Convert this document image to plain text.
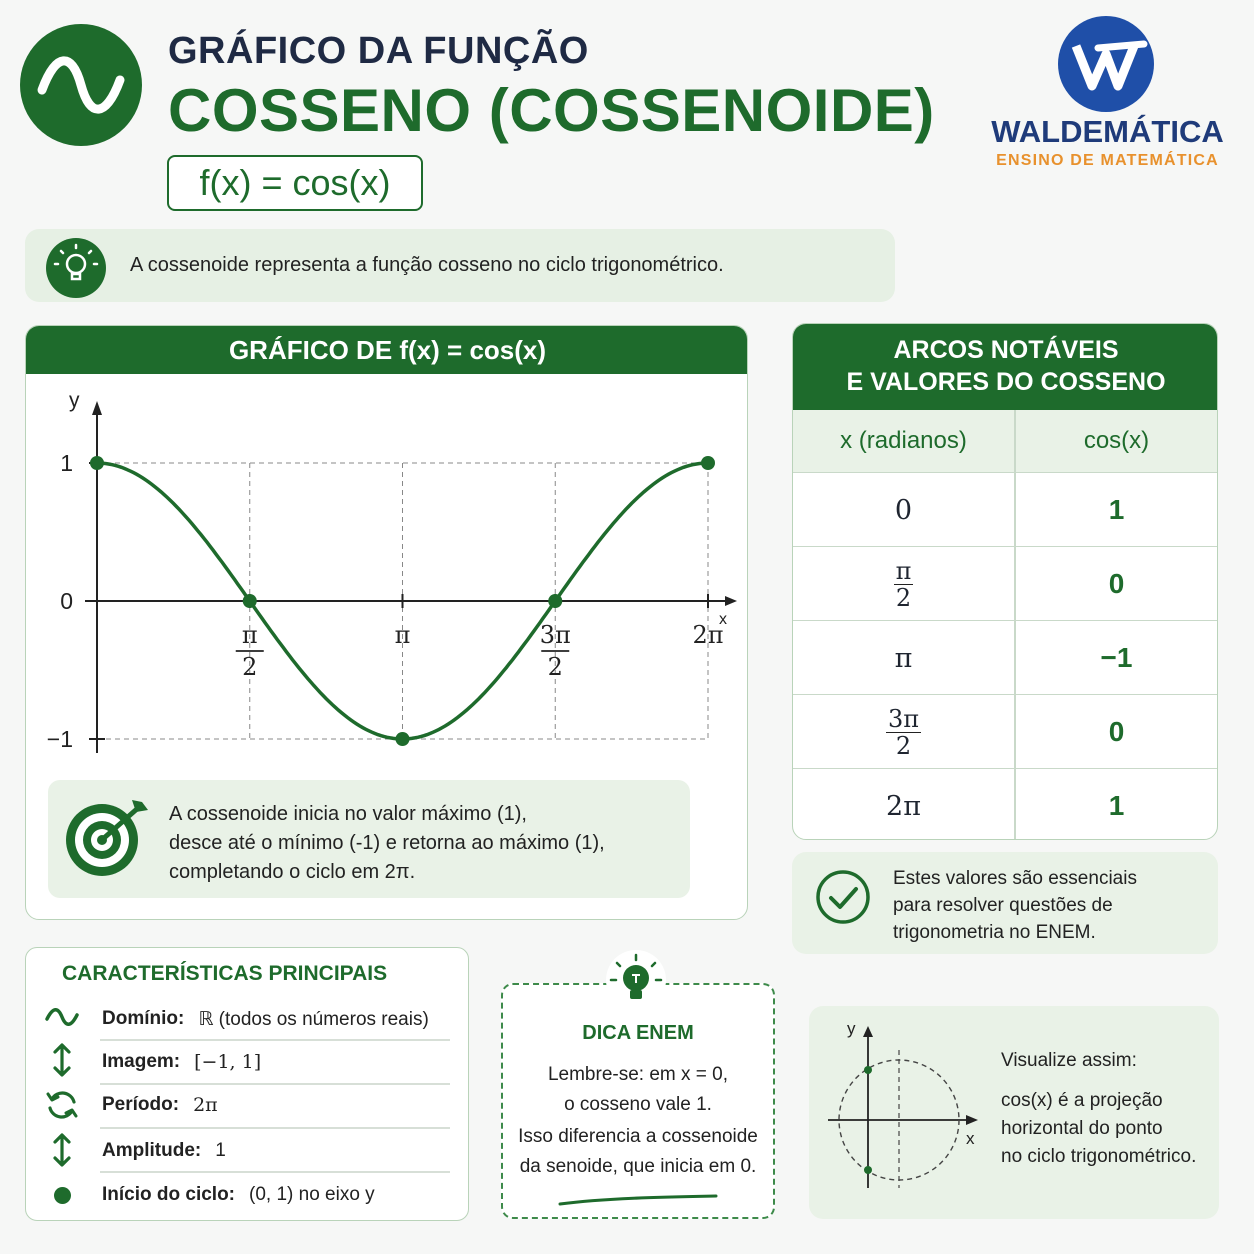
GRÁFICO DA FUNÇÃO
COSSENO (COSSENOIDE)
f(x) = cos(x)
WALDEMÁTICA
ENSINO DE MATEMÁTICA
A cossenoide representa a função cosseno no ciclo trigonométrico.
GRÁFICO DE f(x) = cos(x)
y
x
1
0
−1
π
2
π	3π
2
2π
A cossenoide inicia no valor máximo (1),
desce até o mínimo (-1) e retorna ao máximo (1),
completando o ciclo em 2π.
ARCOS NOTÁVEIS
E VALORES DO COSSENO
x (radianos)	cos(x)
0	1
$\frac{\pi}{2}$	0
π	−1
$\frac{3\pi}{2}$	0
2π	1
Estes valores são essenciais
para resolver questões de
trigonometria no ENEM.
CARACTERÍSTICAS PRINCIPAIS
Domínio: ℝ (todos os números reais)
Imagem: [−1, 1]
Período: 2π
Amplitude: 1
Início do ciclo: (0, 1) no eixo y
DICA ENEM
Lembre-se: em x = 0,
o cosseno vale 1.
Isso diferencia a cossenoide
da senoide, que inicia em 0.
y
x
Visualize assim:
cos(x) é a projeção
horizontal do ponto
no ciclo trigonométrico.
